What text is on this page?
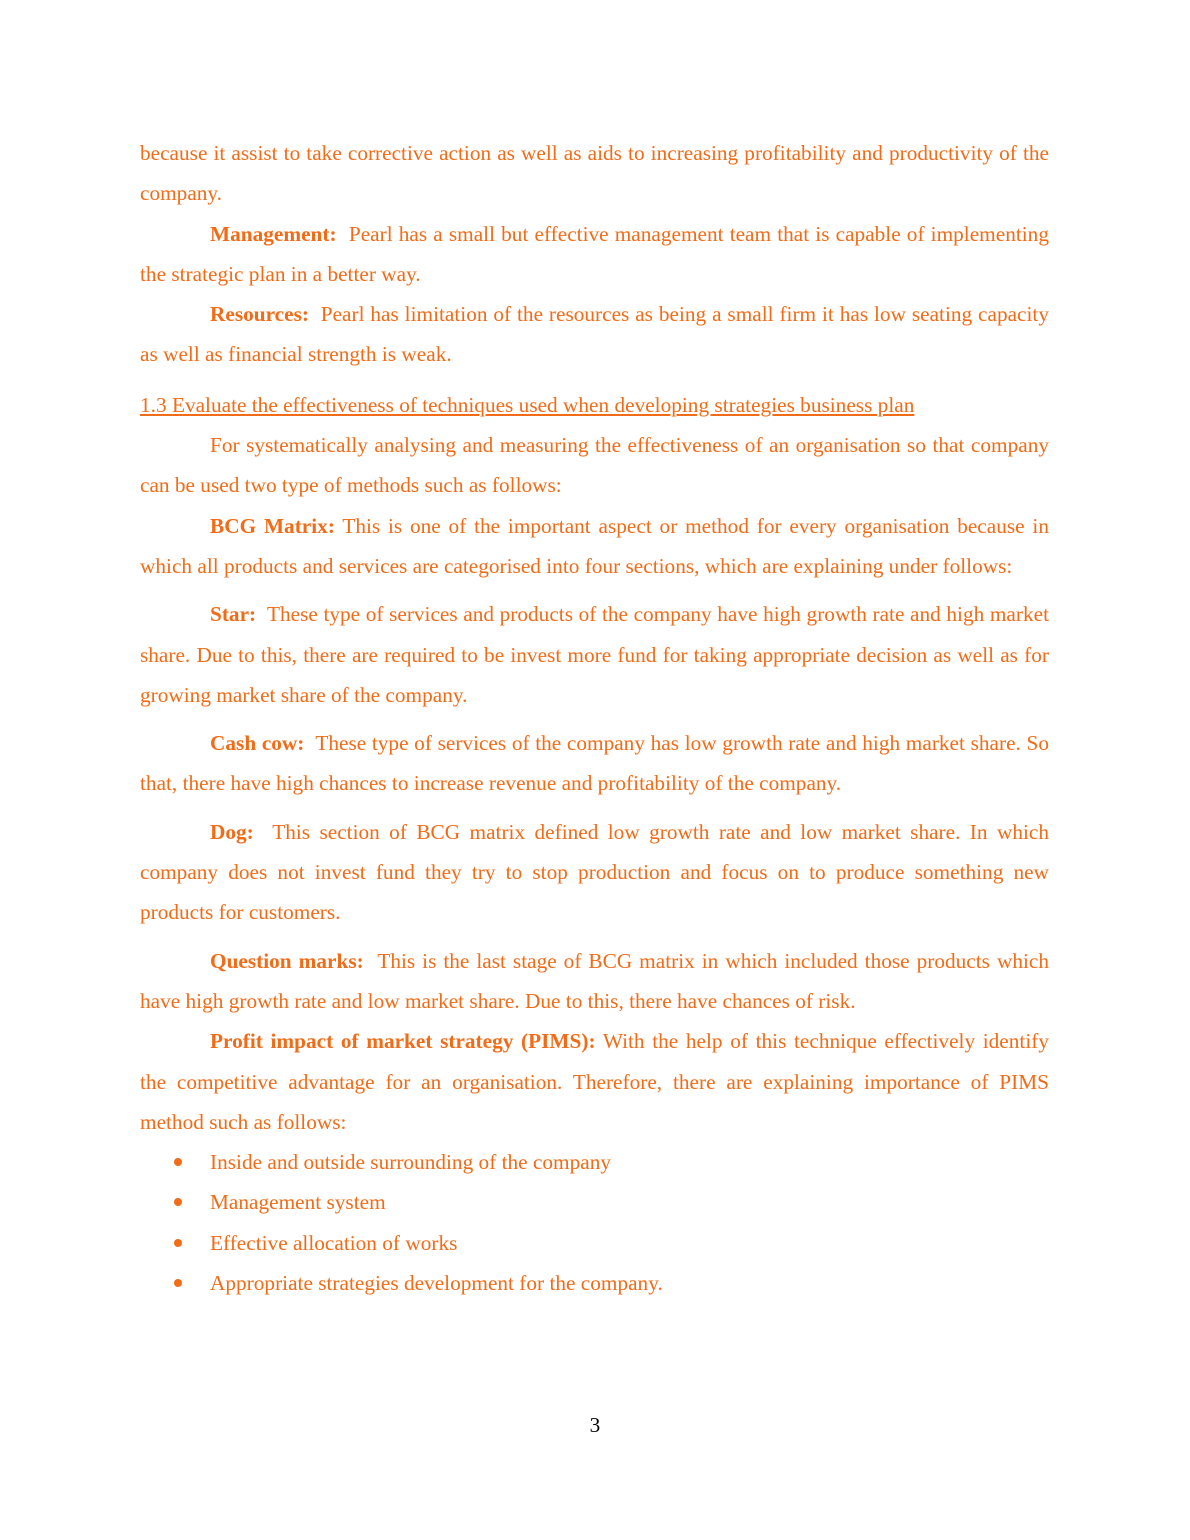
because it assist to take corrective action as well as aids to increasing profitability and productivity of the company.

Management: Pearl has a small but effective management team that is capable of implementing the strategic plan in a better way.

Resources: Pearl has limitation of the resources as being a small firm it has low seating capacity as well as financial strength is weak.

1.3 Evaluate the effectiveness of techniques used when developing strategies business plan

For systematically analysing and measuring the effectiveness of an organisation so that company can be used two type of methods such as follows:

BCG Matrix: This is one of the important aspect or method for every organisation because in which all products and services are categorised into four sections, which are explaining under follows:

Star: These type of services and products of the company have high growth rate and high market share. Due to this, there are required to be invest more fund for taking appropriate decision as well as for growing market share of the company.

Cash cow: These type of services of the company has low growth rate and high market share. So that, there have high chances to increase revenue and profitability of the company.

Dog: This section of BCG matrix defined low growth rate and low market share. In which company does not invest fund they try to stop production and focus on to produce something new products for customers.

Question marks: This is the last stage of BCG matrix in which included those products which have high growth rate and low market share. Due to this, there have chances of risk.

Profit impact of market strategy (PIMS): With the help of this technique effectively identify the competitive advantage for an organisation. Therefore, there are explaining importance of PIMS method such as follows:

Inside and outside surrounding of the company
Management system
Effective allocation of works
Appropriate strategies development for the company.
3
